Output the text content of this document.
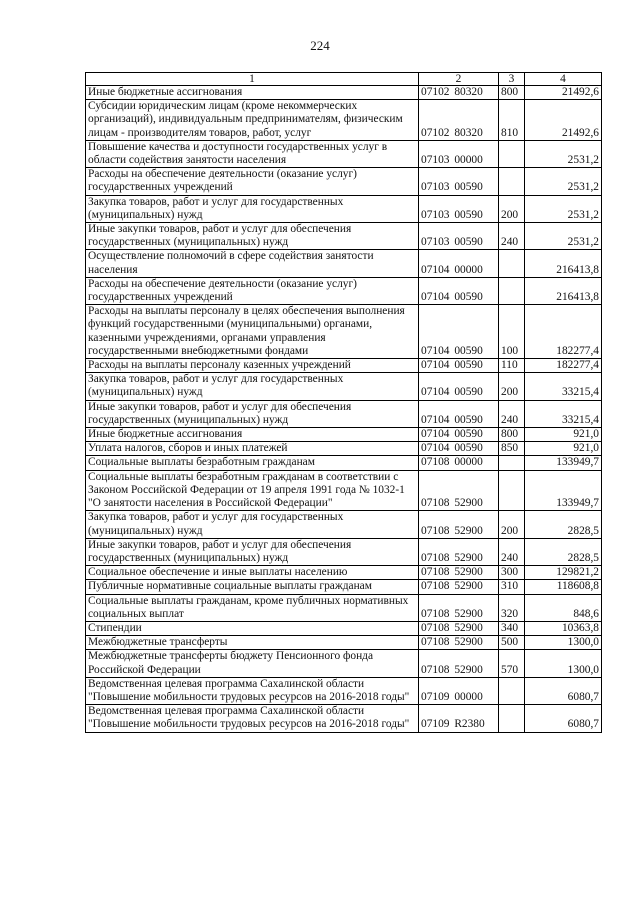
224
1	2	3	4
Иные бюджетные ассигнования	07102 80320	800	21492,6
Субсидии юридическим лицам (кроме некоммерческих организаций), индивидуальным предпринимателям, физическим лицам - производителям товаров, работ, услуг	07102 80320	810	21492,6
Повышение качества и доступности государственных услуг в области содействия занятости населения	07103 00000		2531,2
Расходы на обеспечение деятельности (оказание услуг) государственных учреждений	07103 00590		2531,2
Закупка товаров, работ и услуг для государственных (муниципальных) нужд	07103 00590	200	2531,2
Иные закупки товаров, работ и услуг для обеспечения государственных (муниципальных) нужд	07103 00590	240	2531,2
Осуществление полномочий в сфере содействия занятости населения	07104 00000		216413,8
Расходы на обеспечение деятельности (оказание услуг) государственных учреждений	07104 00590		216413,8
Расходы на выплаты персоналу в целях обеспечения выполнения функций государственными (муниципальными) органами, казенными учреждениями, органами управления государственными внебюджетными фондами	07104 00590	100	182277,4
Расходы на выплаты персоналу казенных учреждений	07104 00590	110	182277,4
Закупка товаров, работ и услуг для государственных (муниципальных) нужд	07104 00590	200	33215,4
Иные закупки товаров, работ и услуг для обеспечения государственных (муниципальных) нужд	07104 00590	240	33215,4
Иные бюджетные ассигнования	07104 00590	800	921,0
Уплата налогов, сборов и иных платежей	07104 00590	850	921,0
Социальные выплаты безработным гражданам	07108 00000		133949,7
Социальные выплаты безработным гражданам в соответствии с Законом Российской Федерации от 19 апреля 1991 года № 1032-1 "О занятости населения в Российской Федерации"	07108 52900		133949,7
Закупка товаров, работ и услуг для государственных (муниципальных) нужд	07108 52900	200	2828,5
Иные закупки товаров, работ и услуг для обеспечения государственных (муниципальных) нужд	07108 52900	240	2828,5
Социальное обеспечение и иные выплаты населению	07108 52900	300	129821,2
Публичные нормативные социальные выплаты гражданам	07108 52900	310	118608,8
Социальные выплаты гражданам, кроме публичных нормативных социальных выплат	07108 52900	320	848,6
Стипендии	07108 52900	340	10363,8
Межбюджетные трансферты	07108 52900	500	1300,0
Межбюджетные трансферты бюджету Пенсионного фонда Российской Федерации	07108 52900	570	1300,0
Ведомственная целевая программа Сахалинской области "Повышение мобильности трудовых ресурсов на 2016-2018 годы"	07109 00000		6080,7
Ведомственная целевая программа Сахалинской области "Повышение мобильности трудовых ресурсов на 2016-2018 годы"	07109 R2380		6080,7
